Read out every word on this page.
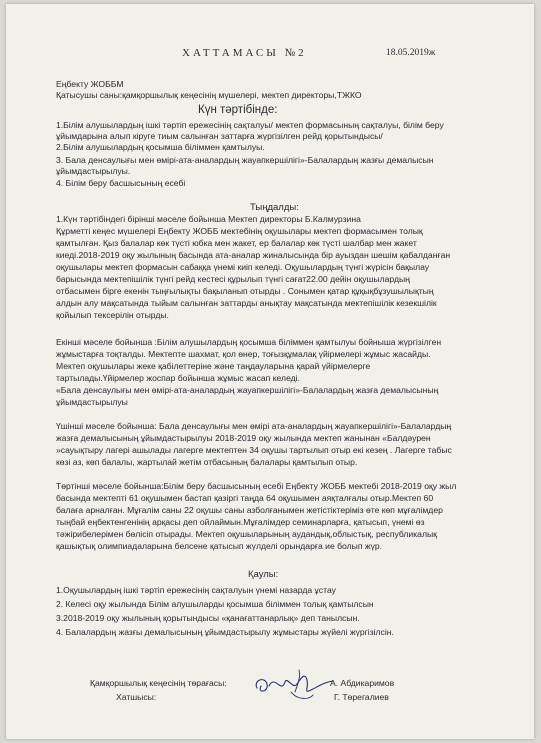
ХАТТАМАСЫ №2	18.05.2019ж
Еңбекту ЖОББМ
Қатысушы саны:қамқоршылық кеңесінің мүшелері, мектеп директоры,ТЖКО
Күн тәртібінде:
1.Білім алушылардың ішкі тәртіп ережесінің сақталуы/ мектеп формасының сақталуы, білім беру
ұйымдарына алып кіруге тиым салынған заттарға жүргізілген рейд қорытындысы/
2.Білім алушылардың қосымша біліммен қамтылуы.
3. Бала денсаулығы мен өмірі-ата-аналардың жауапкершілігі»-Балалардың жазғы демалысын
ұйымдастырылуы.
4. Білім беру басшысының есебі
Тыңдалды:
1.Күн тәртібіндегі бірінші мәселе бойынша Мектеп директоры Б.Калмурзина
Құрметті кеңес мүшелері Еңбекту ЖОББ мектебінің оқушылары мектеп формасымен толық
қамтылған. Қыз балалар көк түсті юбка мен жакет, ер балалар көк түсті шалбар мен жакет
киеді.2018-2019 оқу жылының басында ата-аналар жиналысында бір ауыздан шешім қабалданған
оқушылары мектеп формасын сабаққа үнемі киіп келеді. Оқушылардың түнгі жүрісін бақылау
барысында мектепішілік түнгі рейд кестесі құрылып түнгі сағат22.00 дейін оқушылардың
отбасымен бірге екенін тыңғылықты бақыланып отырды . Сонымен қатар құқықбұзушылықтың
алдын алу мақсатында тыйым салынған заттарды анықтау мақсатында мектепішілік кезекшілік
қойылып тексерілін отырды.
Екінші мәселе бойынша :Білім алушылардың қосымша біліммен қамтылуы бойныша жүргізілген
жұмыстарға тоқталды. Мектепте шахмат, қол өнер, тоғызқұмалақ үйірмелері жұмыс жасайды.
Мектеп оқушылары жеке қабілеттеріне және таңдауларына қарай үйірмелерге
тартылады.Үйірмелер жоспар бойынша жұмыс жасап келеді.
«Бала денсаулығы мен өмірі-ата-аналардың жауапкершілігі»-Балалардың жазға демалысының
ұйымдастырылуы
Үшінші мәселе бойынша: Бала денсаулығы мен өмірі ата-аналардың жауапкершілігі»-Балалардың
жазға демалысының ұйымдастырылуы 2018-2019 оқу жылында мектеп жанынан «Балдәурен
»сауықтыру лагері ашылады лагерге мектептен 34 оқушы тартылып отыр екі кезең . Лагерге табыс
көзі аз, көп балалы, жартылай жетім отбасының балалары қамтылып отыр.
Төртінші мәселе бойынша:Білім беру басшысының есебі Еңбекту ЖОББ мектебі 2018-2019 оқу жыл
басында мектепті 61 оқушымен бастап қазіргі таңда 64 оқушымен аяқталғалы отыр.Мектеп 60
балаға арналған. Мұғалім саны 22 оқушы саны азболғанымен жетістіктеріміз өте көп мұғалімдер
тыңбай еңбектенгенінің арқасы деп ойлаймын.Мұғалімдер семинарларға, қатысып, үнемі өз
тәжірибелерімен бөлісіп отырады. Мектеп оқушыларының аудандық,облыстық, республикалық
қашықтық олимпиадаларына белсене қатысып жүлделі орындарға ие болып жүр.
Қаулы:
1.Оқушылардың ішкі тәртіп ережесінің сақталуын үнемі назарда ұстау
2. Келесі оқу жылында Білім алушыларды қосымша біліммен толық қамтылсын
3.2018-2019 оқу жылының қорытындысы «қанағаттанарлық» деп танылсын.
4. Балалардың жазғы демалысының ұйымдастырылу жұмыстары жүйелі жүргізілсін.
Қамқоршылық кеңесінің төрағасы:	А. Абдикаримов
Хатшысы:	Г. Төрегалиев
